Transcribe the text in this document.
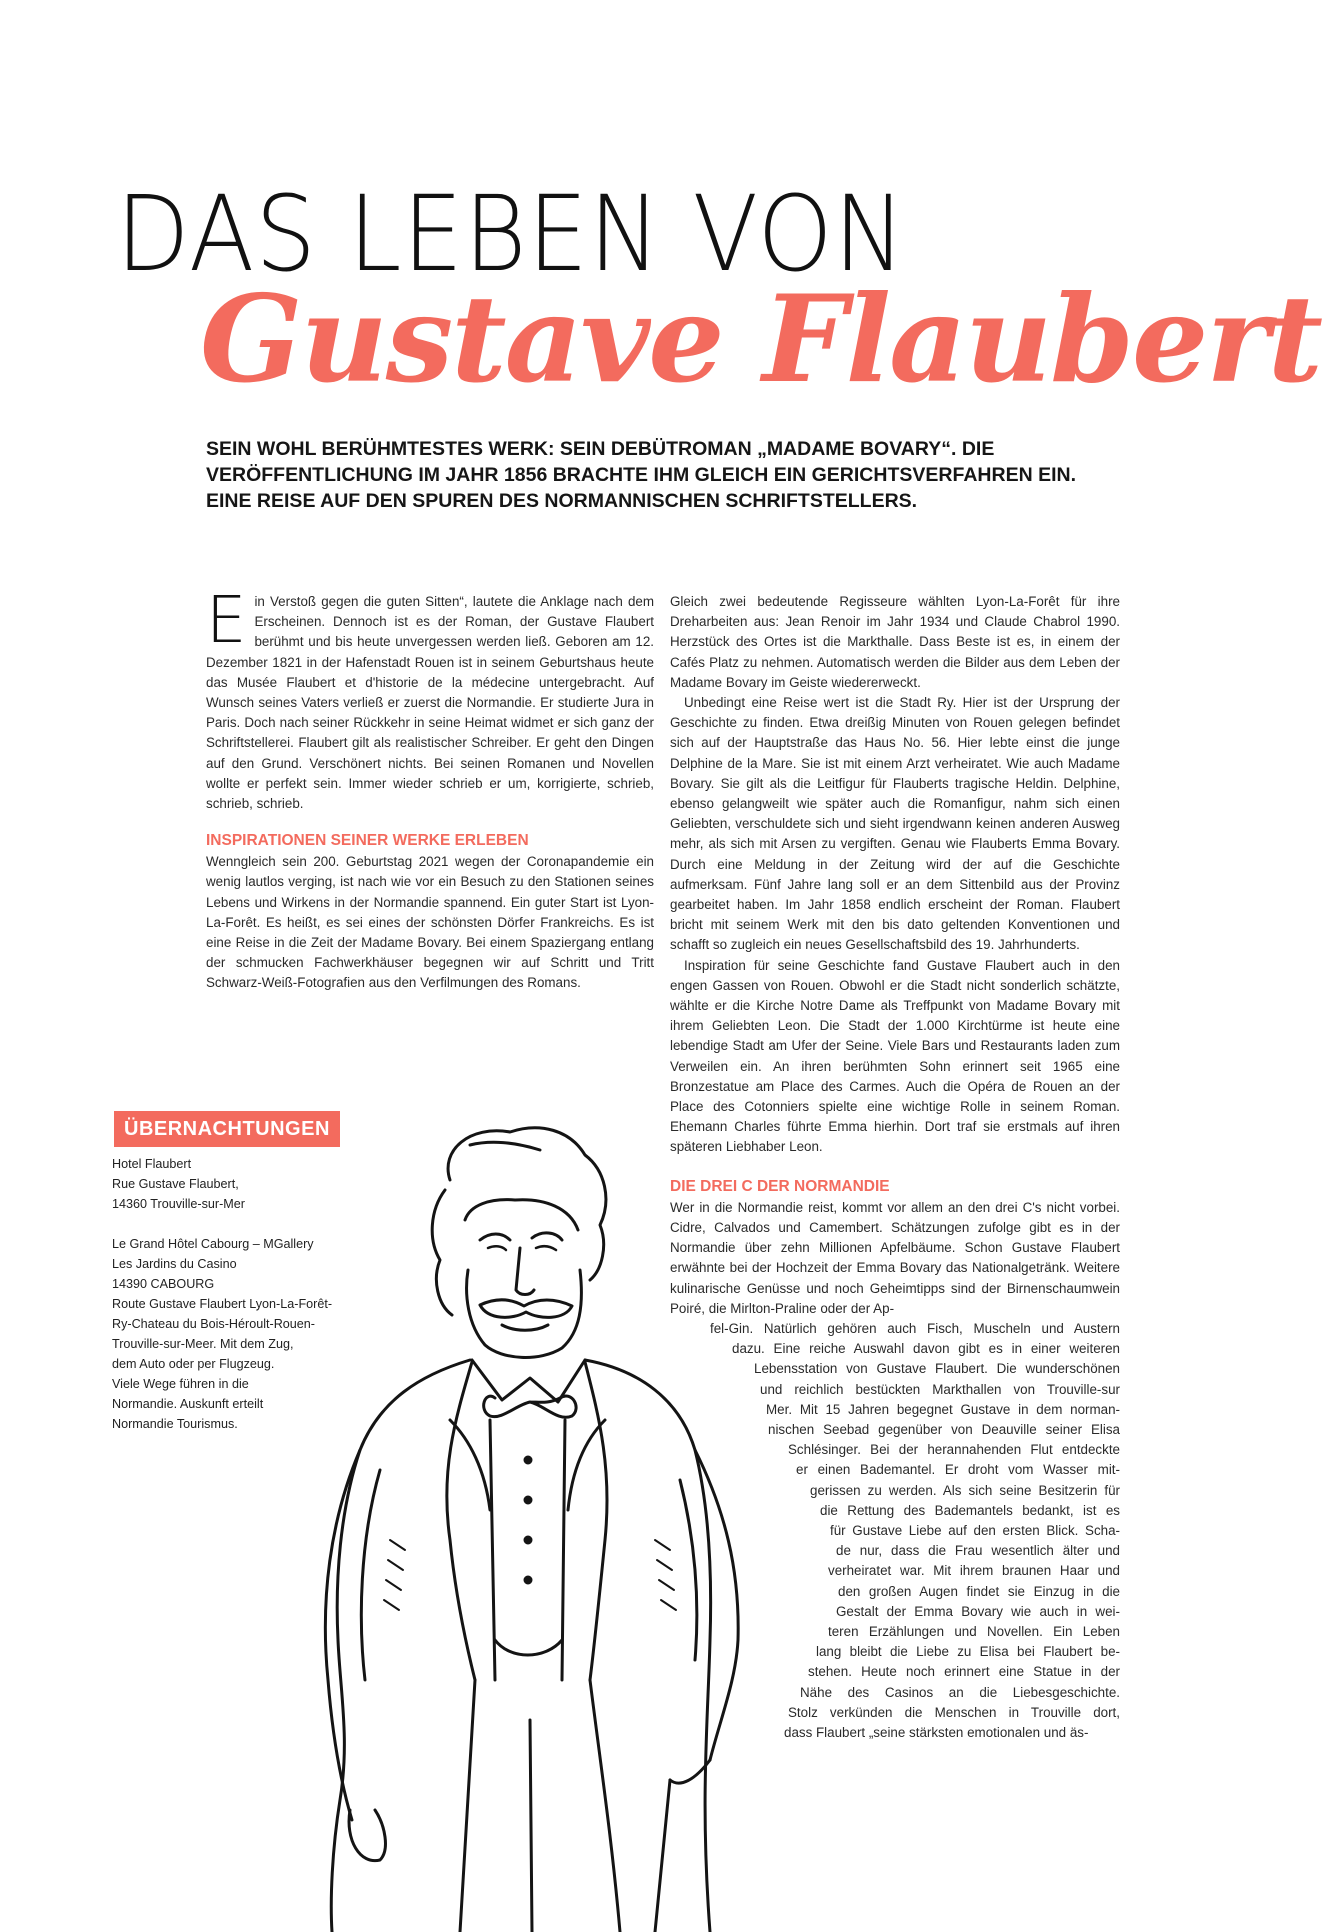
DAS LEBEN VON
Gustave Flaubert
SEIN WOHL BERÜHMTESTES WERK: SEIN DEBÜTROMAN „MADAME BOVARY“. DIE
VERÖFFENTLICHUNG IM JAHR 1856 BRACHTE IHM GLEICH EIN GERICHTSVERFAHREN EIN.
EINE REISE AUF DEN SPUREN DES NORMANNISCHEN SCHRIFTSTELLERS.

Ein Verstoß gegen die guten Sitten“, lautete die Anklage nach dem Erscheinen. Dennoch ist es der Roman, der Gustave Flaubert berühmt und bis heute unvergessen werden ließ. Geboren am 12. Dezember 1821 in der Hafenstadt Rouen ist in seinem Geburtshaus heute das Musée Flaubert et d'historie de la médecine untergebracht. Auf Wunsch seines Vaters verließ er zuerst die Normandie. Er studierte Jura in Paris. Doch nach seiner Rückkehr in seine Heimat widmet er sich ganz der Schriftstellerei. Flaubert gilt als realistischer Schreiber. Er geht den Dingen auf den Grund. Verschönert nichts. Bei seinen Romanen und Novellen wollte er perfekt sein. Immer wieder schrieb er um, korrigierte, schrieb, schrieb, schrieb.

INSPIRATIONEN SEINER WERKE ERLEBEN

Wenngleich sein 200. Geburtstag 2021 wegen der Coronapandemie ein wenig lautlos verging, ist nach wie vor ein Besuch zu den Stationen seines Lebens und Wirkens in der Normandie spannend. Ein guter Start ist Lyon-La-Forêt. Es heißt, es sei eines der schönsten Dörfer Frankreichs. Es ist eine Reise in die Zeit der Madame Bovary. Bei einem Spaziergang entlang der schmucken Fachwerkhäuser begegnen wir auf Schritt und Tritt Schwarz-Weiß-Fotografien aus den Verfilmungen des Romans.

Gleich zwei bedeutende Regisseure wählten Lyon-La-Forêt für ihre Dreharbeiten aus: Jean Renoir im Jahr 1934 und Claude Chabrol 1990. Herzstück des Ortes ist die Markthalle. Dass Beste ist es, in einem der Cafés Platz zu nehmen. Automatisch werden die Bilder aus dem Leben der Madame Bovary im Geiste wiedererweckt.

Unbedingt eine Reise wert ist die Stadt Ry. Hier ist der Ursprung der Geschichte zu finden. Etwa dreißig Minuten von Rouen gelegen befindet sich auf der Hauptstraße das Haus No. 56. Hier lebte einst die junge Delphine de la Mare. Sie ist mit einem Arzt verheiratet. Wie auch Madame Bovary. Sie gilt als die Leitfigur für Flauberts tragische Heldin. Delphine, ebenso gelangweilt wie später auch die Romanfigur, nahm sich einen Geliebten, verschuldete sich und sieht irgendwann keinen anderen Ausweg mehr, als sich mit Arsen zu vergiften. Genau wie Flauberts Emma Bovary. Durch eine Meldung in der Zeitung wird der auf die Geschichte aufmerksam. Fünf Jahre lang soll er an dem Sittenbild aus der Provinz gearbeitet haben. Im Jahr 1858 endlich erscheint der Roman. Flaubert bricht mit seinem Werk mit den bis dato geltenden Konventionen und schafft so zugleich ein neues Gesellschaftsbild des 19. Jahrhunderts.

Inspiration für seine Geschichte fand Gustave Flaubert auch in den engen Gassen von Rouen. Obwohl er die Stadt nicht sonderlich schätzte, wählte er die Kirche Notre Dame als Treffpunkt von Madame Bovary mit ihrem Geliebten Leon. Die Stadt der 1.000 Kirchtürme ist heute eine lebendige Stadt am Ufer der Seine. Viele Bars und Restaurants laden zum Verweilen ein. An ihren berühmten Sohn erinnert seit 1965 eine Bronzestatue am Place des Carmes. Auch die Opéra de Rouen an der Place des Cotonniers spielte eine wichtige Rolle in seinem Roman. Ehemann Charles führte Emma hierhin. Dort traf sie erstmals auf ihren späteren Liebhaber Leon.

DIE DREI C DER NORMANDIE

Wer in die Normandie reist, kommt vor allem an den drei C's nicht vorbei. Cidre, Calvados und Camembert. Schätzungen zufolge gibt es in der Normandie über zehn Millionen Apfelbäume. Schon Gustave Flaubert erwähnte bei der Hochzeit der Emma Bovary das Nationalgetränk. Weitere kulinarische Genüsse und noch Geheimtipps sind der Birnenschaumwein Poiré, die Mirlton-Praline oder der Ap-

fel-Gin. Natürlich gehören auch Fisch, Muscheln und Austern
dazu. Eine reiche Auswahl davon gibt es in einer weiteren
Lebensstation von Gustave Flaubert. Die wunderschönen
und reichlich bestückten Markthallen von Trouville-sur
Mer. Mit 15 Jahren begegnet Gustave in dem norman-
nischen Seebad gegenüber von Deauville seiner Elisa
Schlésinger. Bei der herannahenden Flut entdeckte
er einen Bademantel. Er droht vom Wasser mit-
gerissen zu werden. Als sich seine Besitzerin für
die Rettung des Bademantels bedankt, ist es
für Gustave Liebe auf den ersten Blick. Scha-
de nur, dass die Frau wesentlich älter und
verheiratet war. Mit ihrem braunen Haar und
den großen Augen findet sie Einzug in die
Gestalt der Emma Bovary wie auch in wei-
teren Erzählungen und Novellen. Ein Leben
lang bleibt die Liebe zu Elisa bei Flaubert be-
stehen. Heute noch erinnert eine Statue in der
Nähe des Casinos an die Liebesgeschichte.
Stolz verkünden die Menschen in Trouville dort,
dass Flaubert „seine stärksten emotionalen und äs-
ÜBERNACHTUNGEN
Hotel Flaubert
Rue Gustave Flaubert,
14360 Trouville-sur-Mer

Le Grand Hôtel Cabourg – MGallery
Les Jardins du Casino
14390 CABOURG
Route Gustave Flaubert Lyon-La-Forêt-
Ry-Chateau du Bois-Héroult-Rouen-
Trouville-sur-Meer. Mit dem Zug,
dem Auto oder per Flugzeug.
Viele Wege führen in die
Normandie. Auskunft erteilt
Normandie Tourismus.
